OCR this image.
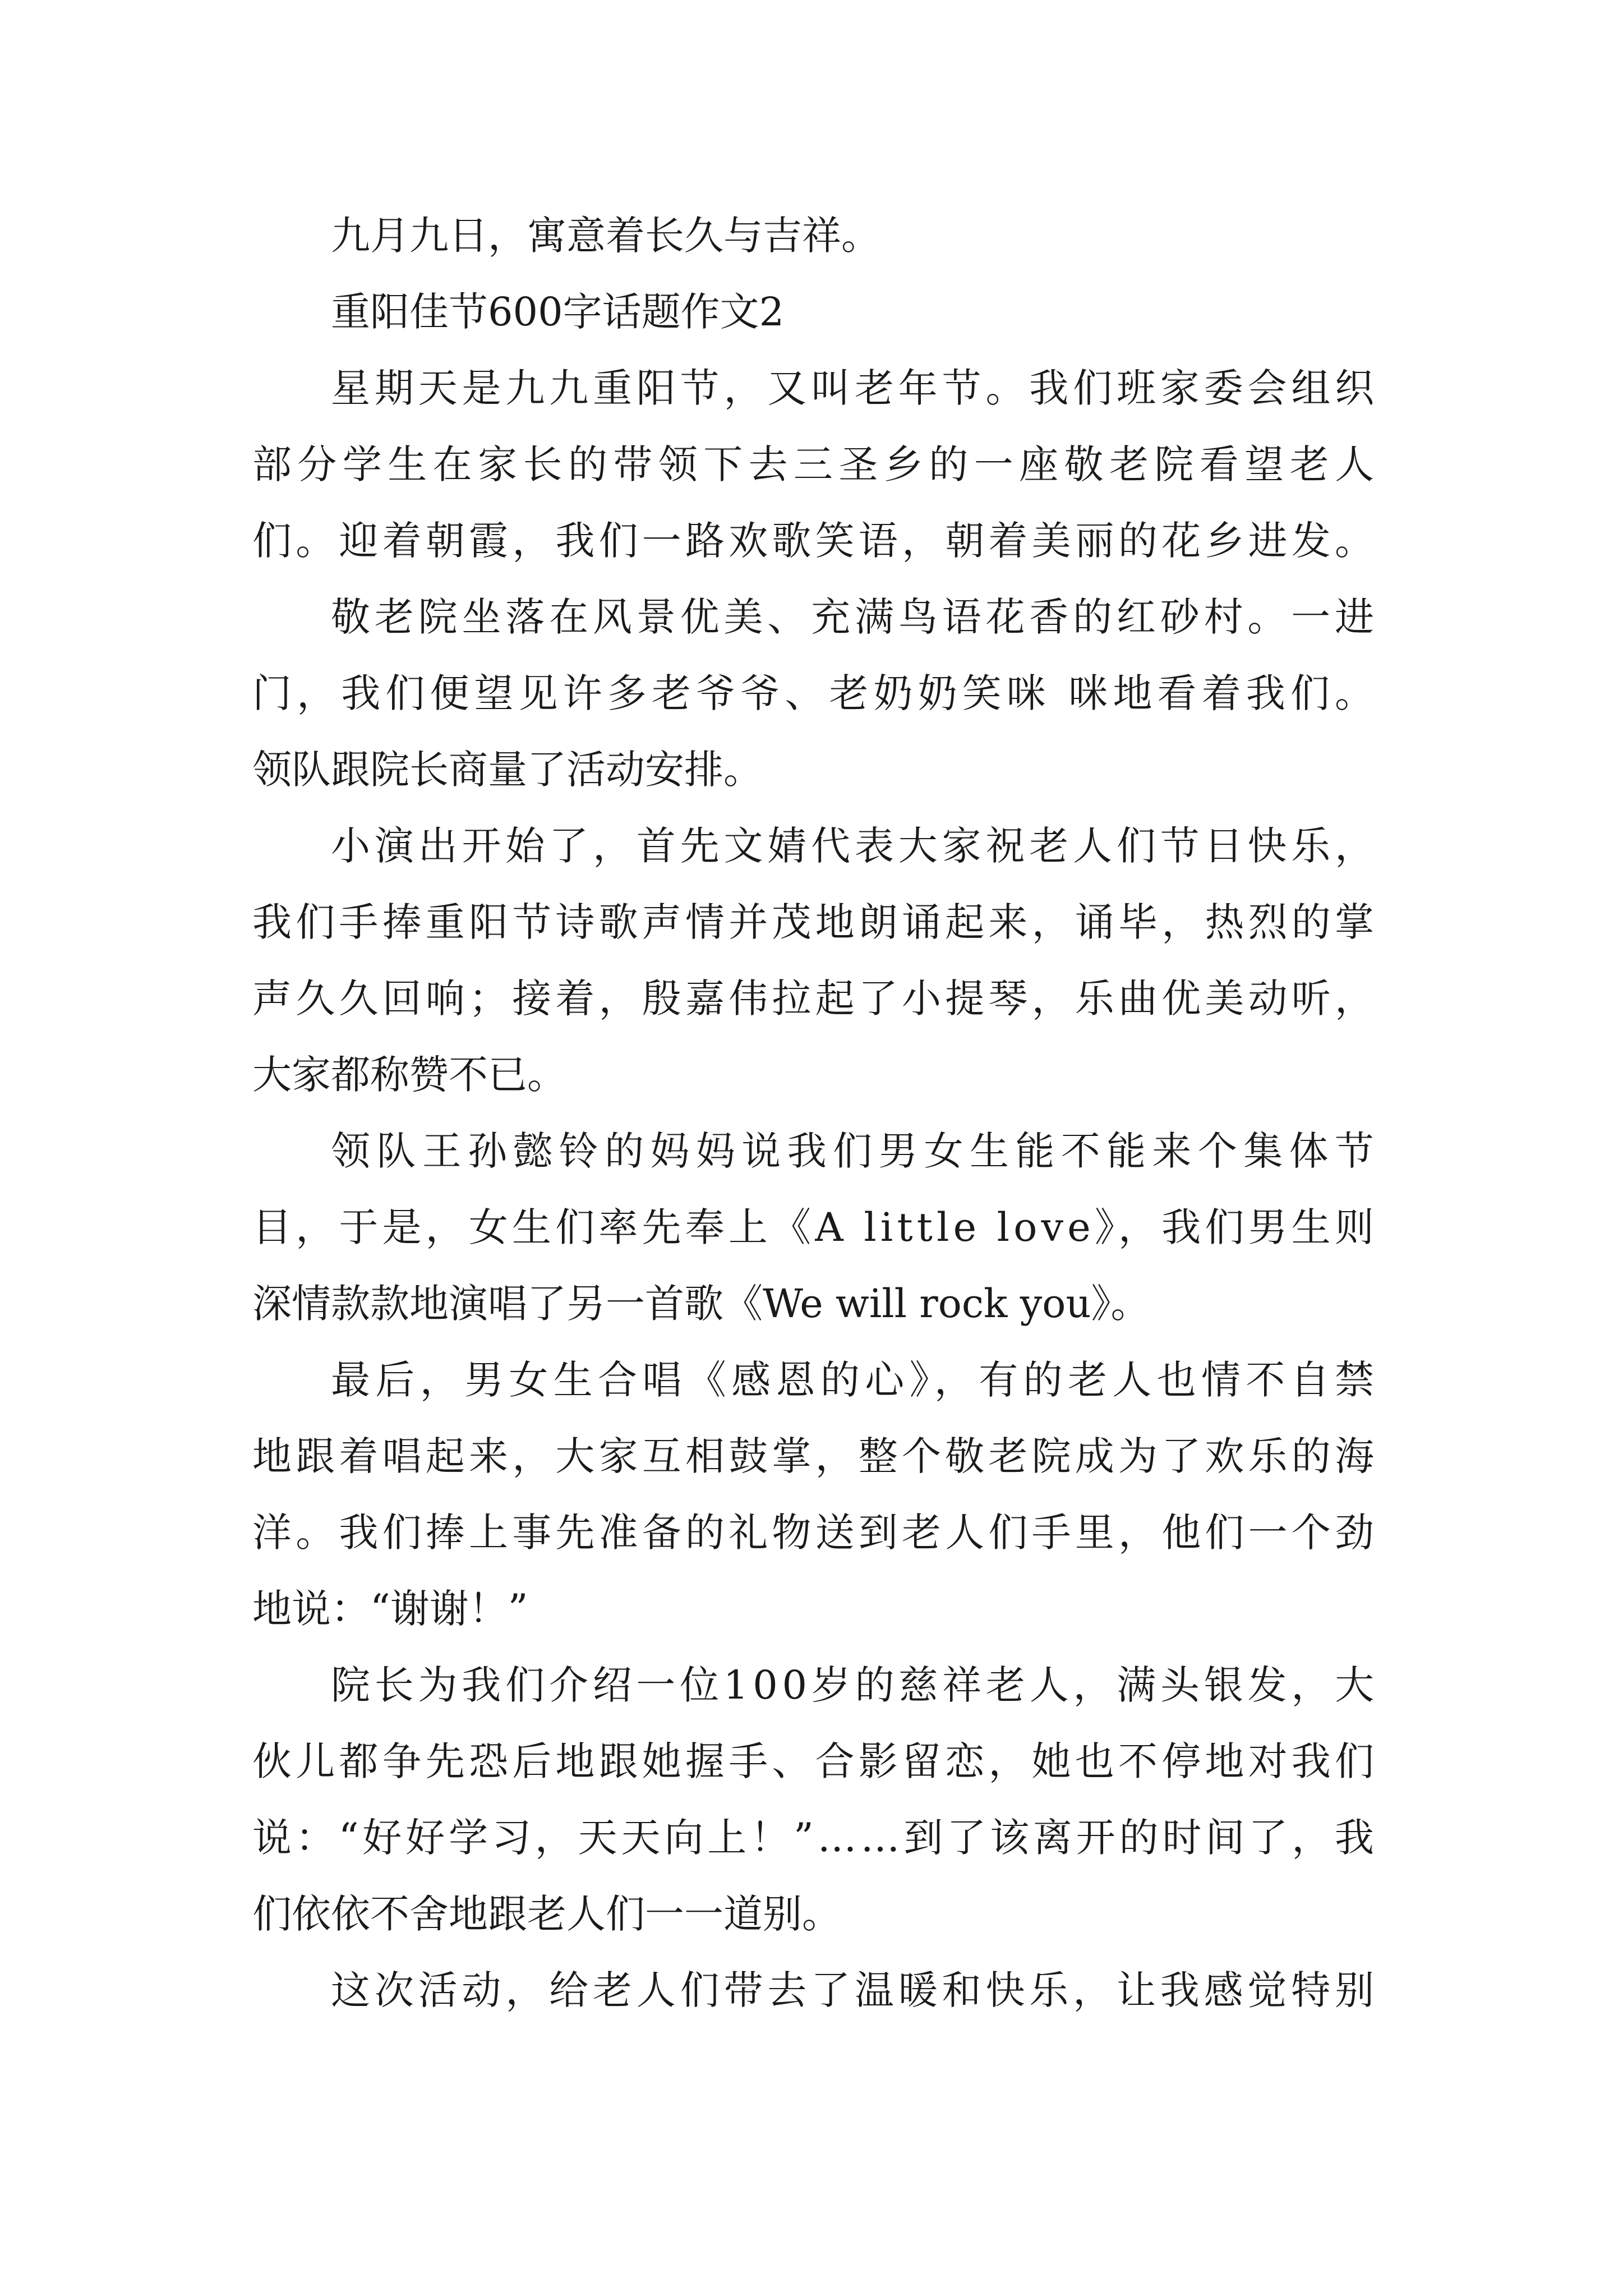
九月九日，寓意着长久与吉祥。
重阳佳节600字话题作文2
星期天是九九重阳节，又叫老年节。我们班家委会组织
部分学生在家长的带领下去三圣乡的一座敬老院看望老人
们。迎着朝霞，我们一路欢歌笑语，朝着美丽的花乡进发。
敬老院坐落在风景优美、充满鸟语花香的红砂村。一进
门，我们便望见许多老爷爷、老奶奶笑咪 咪地看着我们。
领队跟院长商量了活动安排。
小演出开始了，首先文婧代表大家祝老人们节日快乐，
我们手捧重阳节诗歌声情并茂地朗诵起来，诵毕，热烈的掌
声久久回响；接着，殷嘉伟拉起了小提琴，乐曲优美动听，
大家都称赞不已。
领队王孙懿铃的妈妈说我们男女生能不能来个集体节
目，于是，女生们率先奉上《A little love》，我们男生则
深情款款地演唱了另一首歌《We will rock you》。
最后，男女生合唱《感恩的心》，有的老人也情不自禁
地跟着唱起来，大家互相鼓掌，整个敬老院成为了欢乐的海
洋。我们捧上事先准备的礼物送到老人们手里，他们一个劲
地说：“谢谢！”
院长为我们介绍一位100岁的慈祥老人，满头银发，大
伙儿都争先恐后地跟她握手、合影留恋，她也不停地对我们
说：“好好学习，天天向上！”……到了该离开的时间了，我
们依依不舍地跟老人们一一道别。
这次活动，给老人们带去了温暖和快乐，让我感觉特别
